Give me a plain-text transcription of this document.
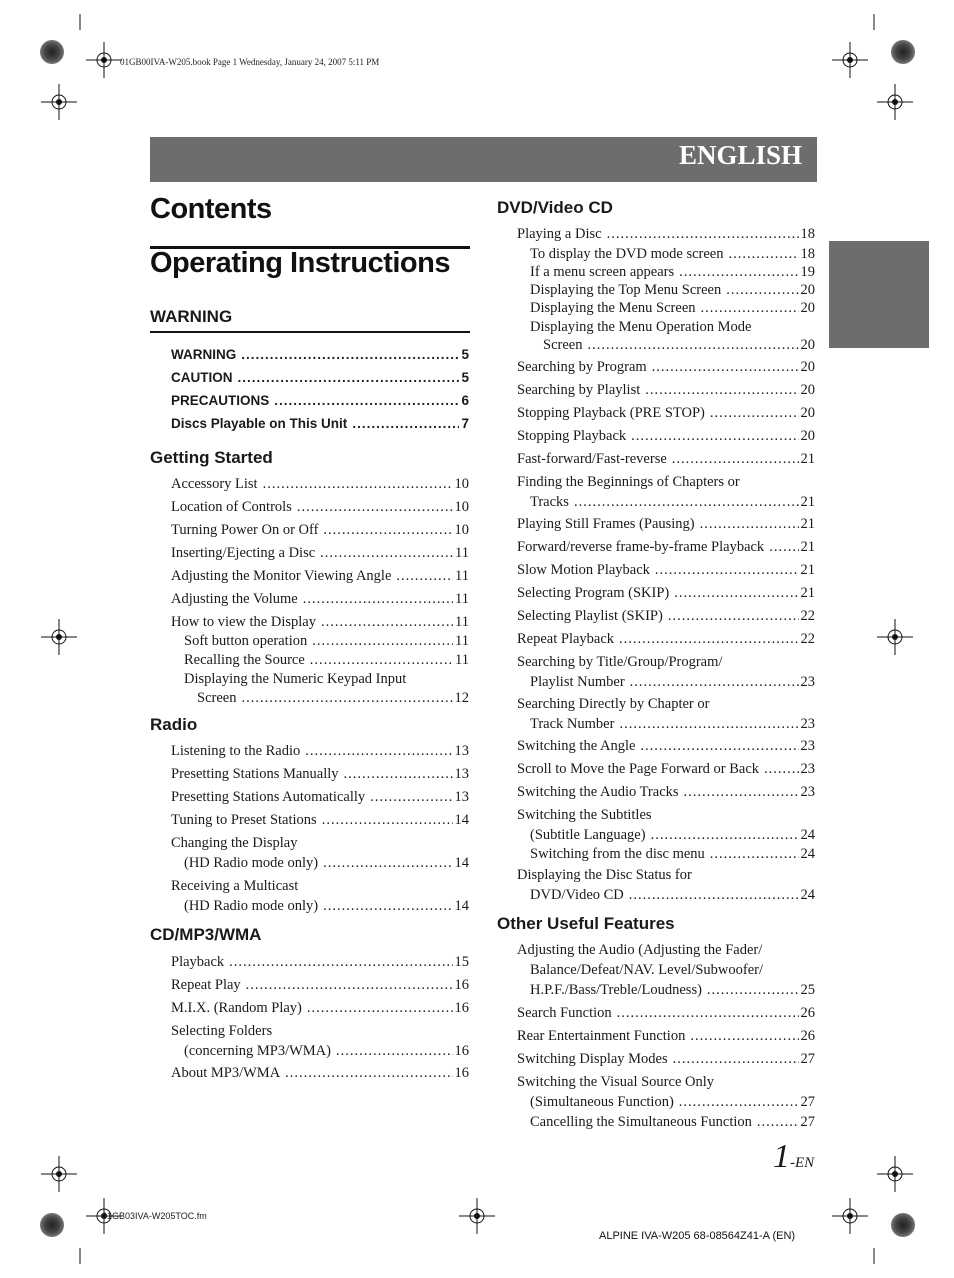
01GB00IVA-W205.book Page 1 Wednesday, January 24, 2007 5:11 PM
01GB03IVA-W205TOC.fm
ENGLISH
Contents
Operating Instructions
WARNING
WARNING .....	5
CAUTION .....	5
PRECAUTIONS .....	6
Discs Playable on This Unit .....	7
Getting Started
Accessory List .....	10
Location of Controls .....	10
Turning Power On or Off .....	10
Inserting/Ejecting a Disc .....	11
Adjusting the Monitor Viewing Angle .....	11
Adjusting the Volume .....	11
How to view the Display .....	11
Soft button operation .....	11
Recalling the Source .....	11
Displaying the Numeric Keypad Input
Screen .....	12
Radio
Listening to the Radio .....	13
Presetting Stations Manually .....	13
Presetting Stations Automatically .....	13
Tuning to Preset Stations .....	14
Changing the Display
(HD Radio mode only) .....	14
Receiving a Multicast
(HD Radio mode only) .....	14
CD/MP3/WMA
Playback .....	15
Repeat Play .....	16
M.I.X. (Random Play) .....	16
Selecting Folders
(concerning MP3/WMA) .....	16
About MP3/WMA .....	16
DVD/Video CD
Playing a Disc .....	18
To display the DVD mode screen .....	18
If a menu screen appears .....	19
Displaying the Top Menu Screen .....	20
Displaying the Menu Screen .....	20
Displaying the Menu Operation Mode
Screen .....	20
Searching by Program .....	20
Searching by Playlist .....	20
Stopping Playback (PRE STOP) .....	20
Stopping Playback .....	20
Fast-forward/Fast-reverse .....	21
Finding the Beginnings of Chapters or
Tracks .....	21
Playing Still Frames (Pausing) .....	21
Forward/reverse frame-by-frame Playback .....	21
Slow Motion Playback .....	21
Selecting Program (SKIP) .....	21
Selecting Playlist (SKIP) .....	22
Repeat Playback .....	22
Searching by Title/Group/Program/
Playlist Number .....	23
Searching Directly by Chapter or
Track Number .....	23
Switching the Angle .....	23
Scroll to Move the Page Forward or Back .....	23
Switching the Audio Tracks .....	23
Switching the Subtitles
(Subtitle Language) .....	24
Switching from the disc menu .....	24
Displaying the Disc Status for
DVD/Video CD .....	24
Other Useful Features
Adjusting the Audio (Adjusting the Fader/
Balance/Defeat/NAV. Level/Subwoofer/
H.P.F./Bass/Treble/Loudness) .....	25
Search Function .....	26
Rear Entertainment Function .....	26
Switching Display Modes .....	27
Switching the Visual Source Only
(Simultaneous Function) .....	27
Cancelling the Simultaneous Function .....	27
1-EN
ALPINE IVA-W205 68-08564Z41-A (EN)
